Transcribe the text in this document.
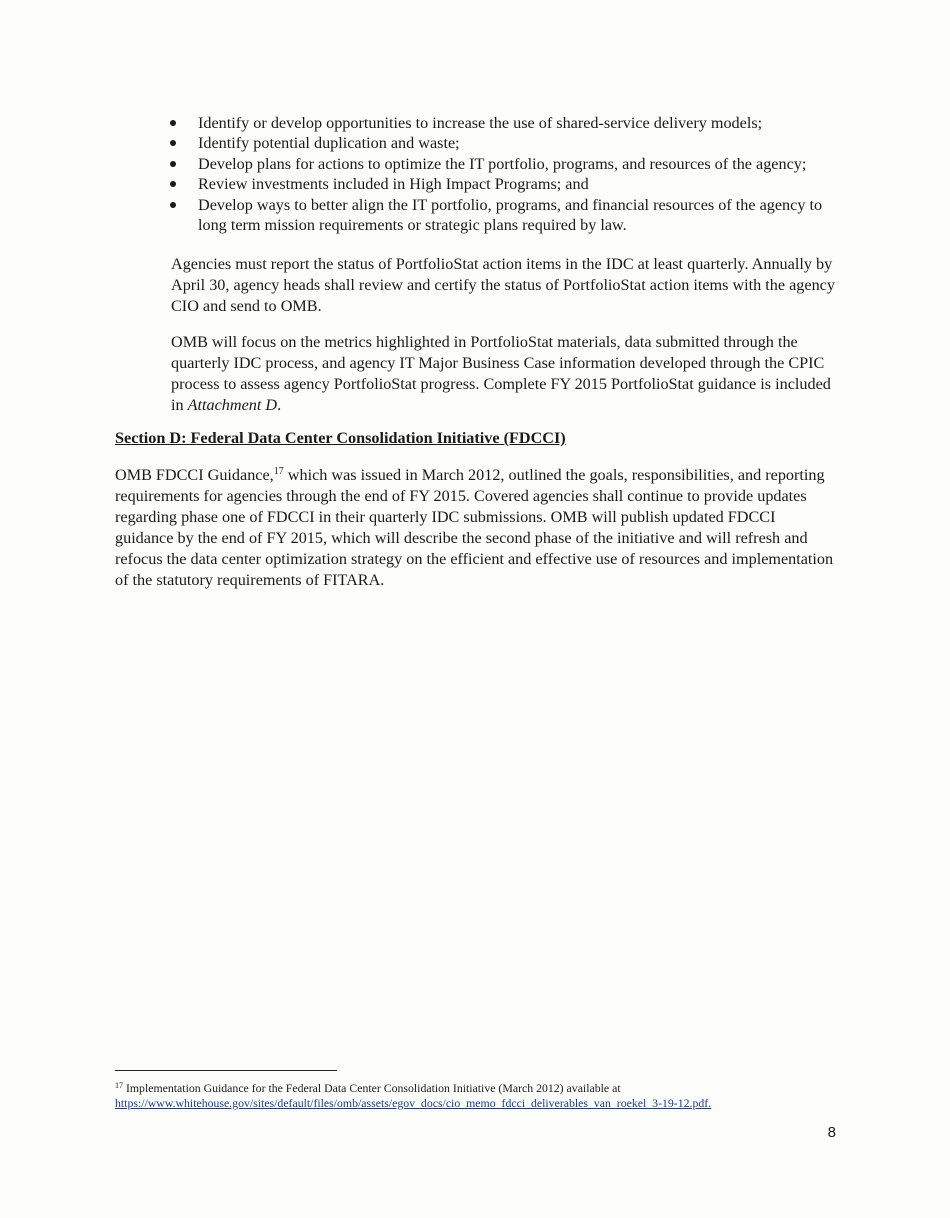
Identify or develop opportunities to increase the use of shared-service delivery models;
Identify potential duplication and waste;
Develop plans for actions to optimize the IT portfolio, programs, and resources of the agency;
Review investments included in High Impact Programs; and
Develop ways to better align the IT portfolio, programs, and financial resources of the agency to long term mission requirements or strategic plans required by law.

Agencies must report the status of PortfolioStat action items in the IDC at least quarterly. Annually by April 30, agency heads shall review and certify the status of PortfolioStat action items with the agency CIO and send to OMB.

OMB will focus on the metrics highlighted in PortfolioStat materials, data submitted through the quarterly IDC process, and agency IT Major Business Case information developed through the CPIC process to assess agency PortfolioStat progress. Complete FY 2015 PortfolioStat guidance is included in Attachment D.

Section D: Federal Data Center Consolidation Initiative (FDCCI)

OMB FDCCI Guidance,$^{17}$ which was issued in March 2012, outlined the goals, responsibilities, and reporting requirements for agencies through the end of FY 2015. Covered agencies shall continue to provide updates regarding phase one of FDCCI in their quarterly IDC submissions. OMB will publish updated FDCCI guidance by the end of FY 2015, which will describe the second phase of the initiative and will refresh and refocus the data center optimization strategy on the efficient and effective use of resources and implementation of the statutory requirements of FITARA.

$^{17}$ Implementation Guidance for the Federal Data Center Consolidation Initiative (March 2012) available at
https://www.whitehouse.gov/sites/default/files/omb/assets/egov_docs/cio_memo_fdcci_deliverables_van_roekel_3-19-12.pdf.

8
